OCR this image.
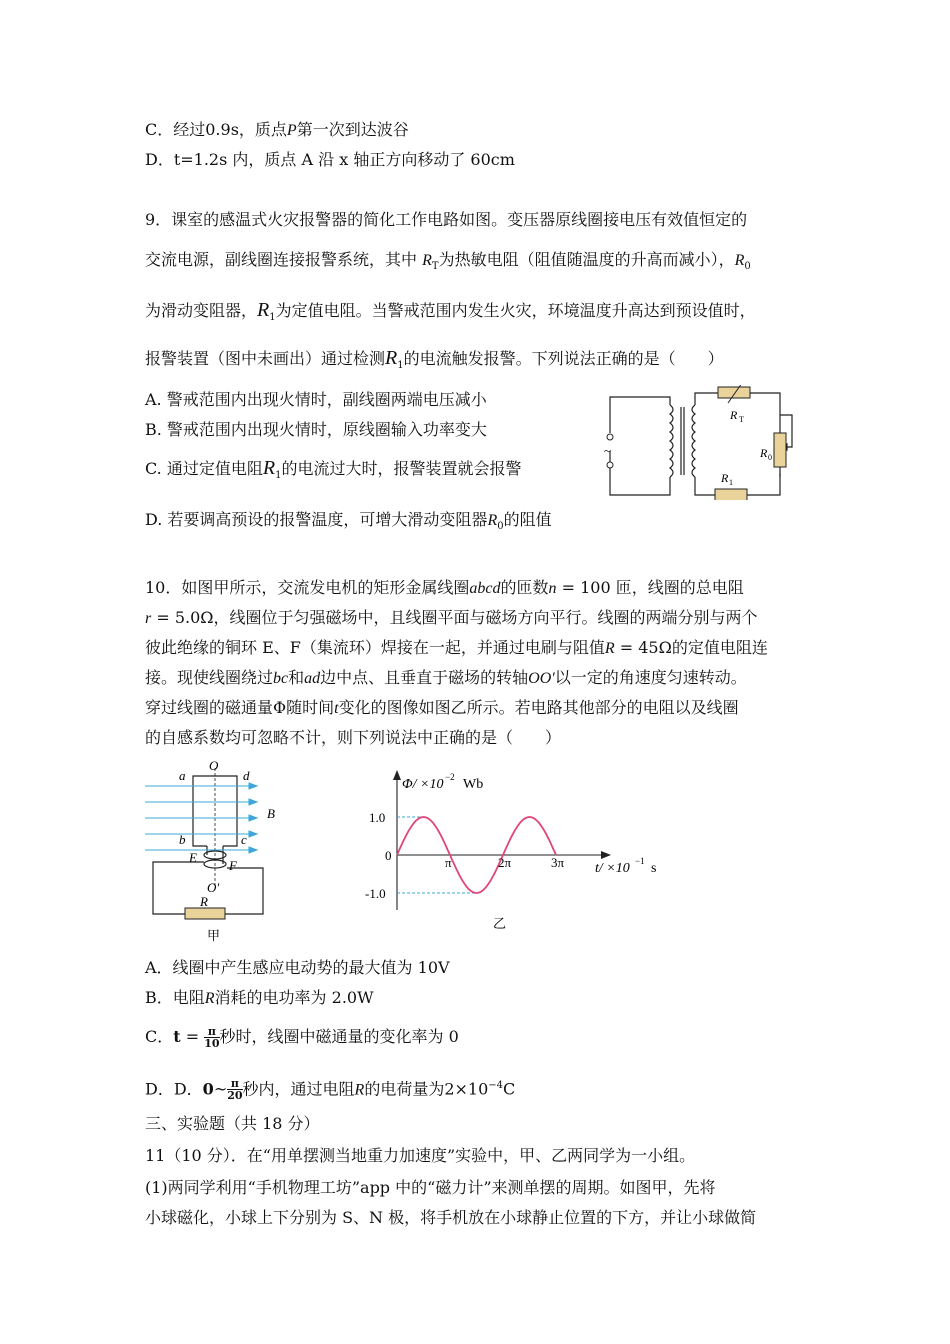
C．经过0.9s，质点P第一次到达波谷
D．t=1.2s 内，质点 A 沿 x 轴正方向移动了 60cm
9．课室的感温式火灾报警器的简化工作电路如图。变压器原线圈接电压有效值恒定的
交流电源，副线圈连接报警系统，其中 $R_T$为热敏电阻（阻值随温度的升高而减小），$R_0$
为滑动变阻器，$R_1$为定值电阻。当警戒范围内发生火灾，环境温度升高达到预设值时，
报警装置（图中未画出）通过检测$R_1$的电流触发报警。下列说法正确的是（　　）
A. 警戒范围内出现火情时，副线圈两端电压减小
B. 警戒范围内出现火情时，原线圈输入功率变大
C. 通过定值电阻$R_1$的电流过大时，报警装置就会报警
D. 若要调高预设的报警温度，可增大滑动变阻器$R_0$的阻值
~
R T
R 0
R 1
10．如图甲所示，交流发电机的矩形金属线圈abcd的匝数n = 100 匝，线圈的总电阻
r = 5.0Ω，线圈位于匀强磁场中，且线圈平面与磁场方向平行。线圈的两端分别与两个
彼此绝缘的铜环 E、F（集流环）焊接在一起，并通过电刷与阻值R = 45Ω的定值电阻连
接。现使线圈绕过bc和ad边中点、且垂直于磁场的转轴OO′以一定的角速度匀速转动。
穿过线圈的磁通量Φ随时间t变化的图像如图乙所示。若电路其他部分的电阻以及线圈
的自感系数均可忽略不计，则下列说法中正确的是（　　）
a
O
d
B
b	c
E
F
O′
R
甲
Φ/ ×10 −2 Wb
1.0
0
-1.0
π	2π	3π t/ ×10 −1 s
乙
A．线圈中产生感应电动势的最大值为 10V
B．电阻R消耗的电功率为 2.0W
C．$t = \frac{\pi}{10}$ 秒时，线圈中磁通量的变化率为 0
D．D．0~ $\frac{\pi}{20}$ 秒内，通过电阻R的电荷量为$2\times 10^{-4}C$
三、实验题（共 18 分）
11（10 分）．在“用单摆测当地重力加速度”实验中，甲、乙两同学为一小组。
(1)两同学利用“手机物理工坊”app 中的“磁力计”来测单摆的周期。如图甲，先将
小球磁化，小球上下分别为 S、N 极，将手机放在小球静止位置的下方，并让小球做简
